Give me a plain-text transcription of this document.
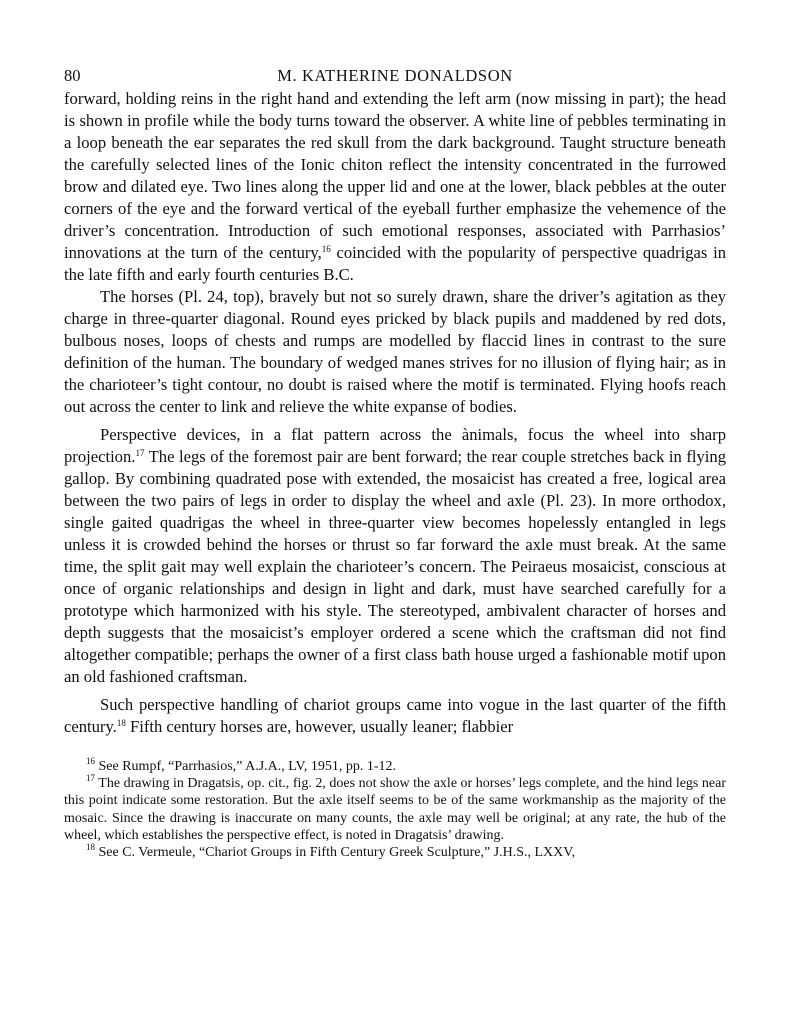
80	M. KATHERINE DONALDSON

forward, holding reins in the right hand and extending the left arm (now missing in part); the head is shown in profile while the body turns toward the observer. A white line of pebbles terminating in a loop beneath the ear separates the red skull from the dark background. Taught structure beneath the carefully selected lines of the Ionic chiton reflect the intensity concentrated in the furrowed brow and dilated eye. Two lines along the upper lid and one at the lower, black pebbles at the outer corners of the eye and the forward vertical of the eyeball further emphasize the vehemence of the driver’s concentration. Introduction of such emotional responses, associated with Parrhasios’ innovations at the turn of the century,$^{16}$ coincided with the popularity of perspective quadrigas in the late fifth and early fourth centuries B.C.

The horses (Pl. 24, top), bravely but not so surely drawn, share the driver’s agitation as they charge in three-quarter diagonal. Round eyes pricked by black pupils and maddened by red dots, bulbous noses, loops of chests and rumps are modelled by flaccid lines in contrast to the sure definition of the human. The boundary of wedged manes strives for no illusion of flying hair; as in the charioteer’s tight contour, no doubt is raised where the motif is terminated. Flying hoofs reach out across the center to link and relieve the white expanse of bodies.

Perspective devices, in a flat pattern across the ànimals, focus the wheel into sharp projection.$^{17}$ The legs of the foremost pair are bent forward; the rear couple stretches back in flying gallop. By combining quadrated pose with extended, the mosaicist has created a free, logical area between the two pairs of legs in order to display the wheel and axle (Pl. 23). In more orthodox, single gaited quadrigas the wheel in three-quarter view becomes hopelessly entangled in legs unless it is crowded behind the horses or thrust so far forward the axle must break. At the same time, the split gait may well explain the charioteer’s concern. The Peiraeus mosaicist, conscious at once of organic relationships and design in light and dark, must have searched carefully for a prototype which harmonized with his style. The stereotyped, ambivalent character of horses and depth suggests that the mosaicist’s employer ordered a scene which the craftsman did not find altogether compatible; perhaps the owner of a first class bath house urged a fashionable motif upon an old fashioned craftsman.

Such perspective handling of chariot groups came into vogue in the last quarter of the fifth century.$^{18}$ Fifth century horses are, however, usually leaner; flabbier

$^{16}$ See Rumpf, “Parrhasios,” A.J.A., LV, 1951, pp. 1-12.

$^{17}$ The drawing in Dragatsis, op. cit., fig. 2, does not show the axle or horses’ legs complete, and the hind legs near this point indicate some restoration. But the axle itself seems to be of the same workmanship as the majority of the mosaic. Since the drawing is inaccurate on many counts, the axle may well be original; at any rate, the hub of the wheel, which establishes the perspective effect, is noted in Dragatsis’ drawing.

$^{18}$ See C. Vermeule, “Chariot Groups in Fifth Century Greek Sculpture,” J.H.S., LXXV,
